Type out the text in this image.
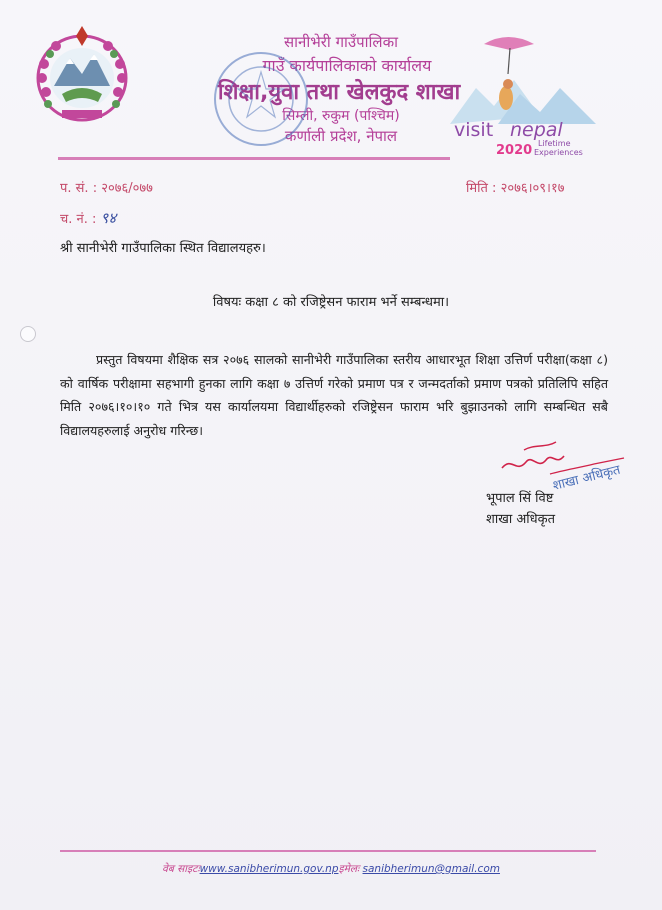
visit nepal
2020 Lifetime
Experiences
सानीभेरी गाउँपालिका
गाउँ कार्यपालिकाको कार्यालय
शिक्षा,युवा तथा खेलकुद शाखा
सिम्ली, रुकुम (पश्चिम)
कर्णाली प्रदेश, नेपाल
प. सं. : २०७६/०७७	मिति : २०७६।०९।१७
च. नं. : ९४
श्री सानीभेरी गाउँपालिका स्थित विद्यालयहरु।
विषयः कक्षा ८ को रजिष्ट्रेसन फाराम भर्ने सम्बन्धमा।
प्रस्तुत विषयमा शैक्षिक सत्र २०७६ सालको सानीभेरी गाउँपालिका स्तरीय आधारभूत शिक्षा उत्तिर्ण परीक्षा(कक्षा ८) को वार्षिक परीक्षामा सहभागी हुनका लागि कक्षा ७ उत्तिर्ण गरेको प्रमाण पत्र र जन्मदर्ताको प्रमाण पत्रको प्रतिलिपि सहित मिति २०७६।१०।१० गते भित्र यस कार्यालयमा विद्यार्थीहरुको रजिष्ट्रेसन फाराम भरि बुझाउनको लागि सम्बन्धित सबै विद्यालयहरुलाई अनुरोध गरिन्छ।
शाखा अधिकृत
भूपाल सिं विष्ट
शाखा अधिकृत
वेब साइटःwww.sanibherimun.gov.npइमेलः sanibherimun@gmail.com
